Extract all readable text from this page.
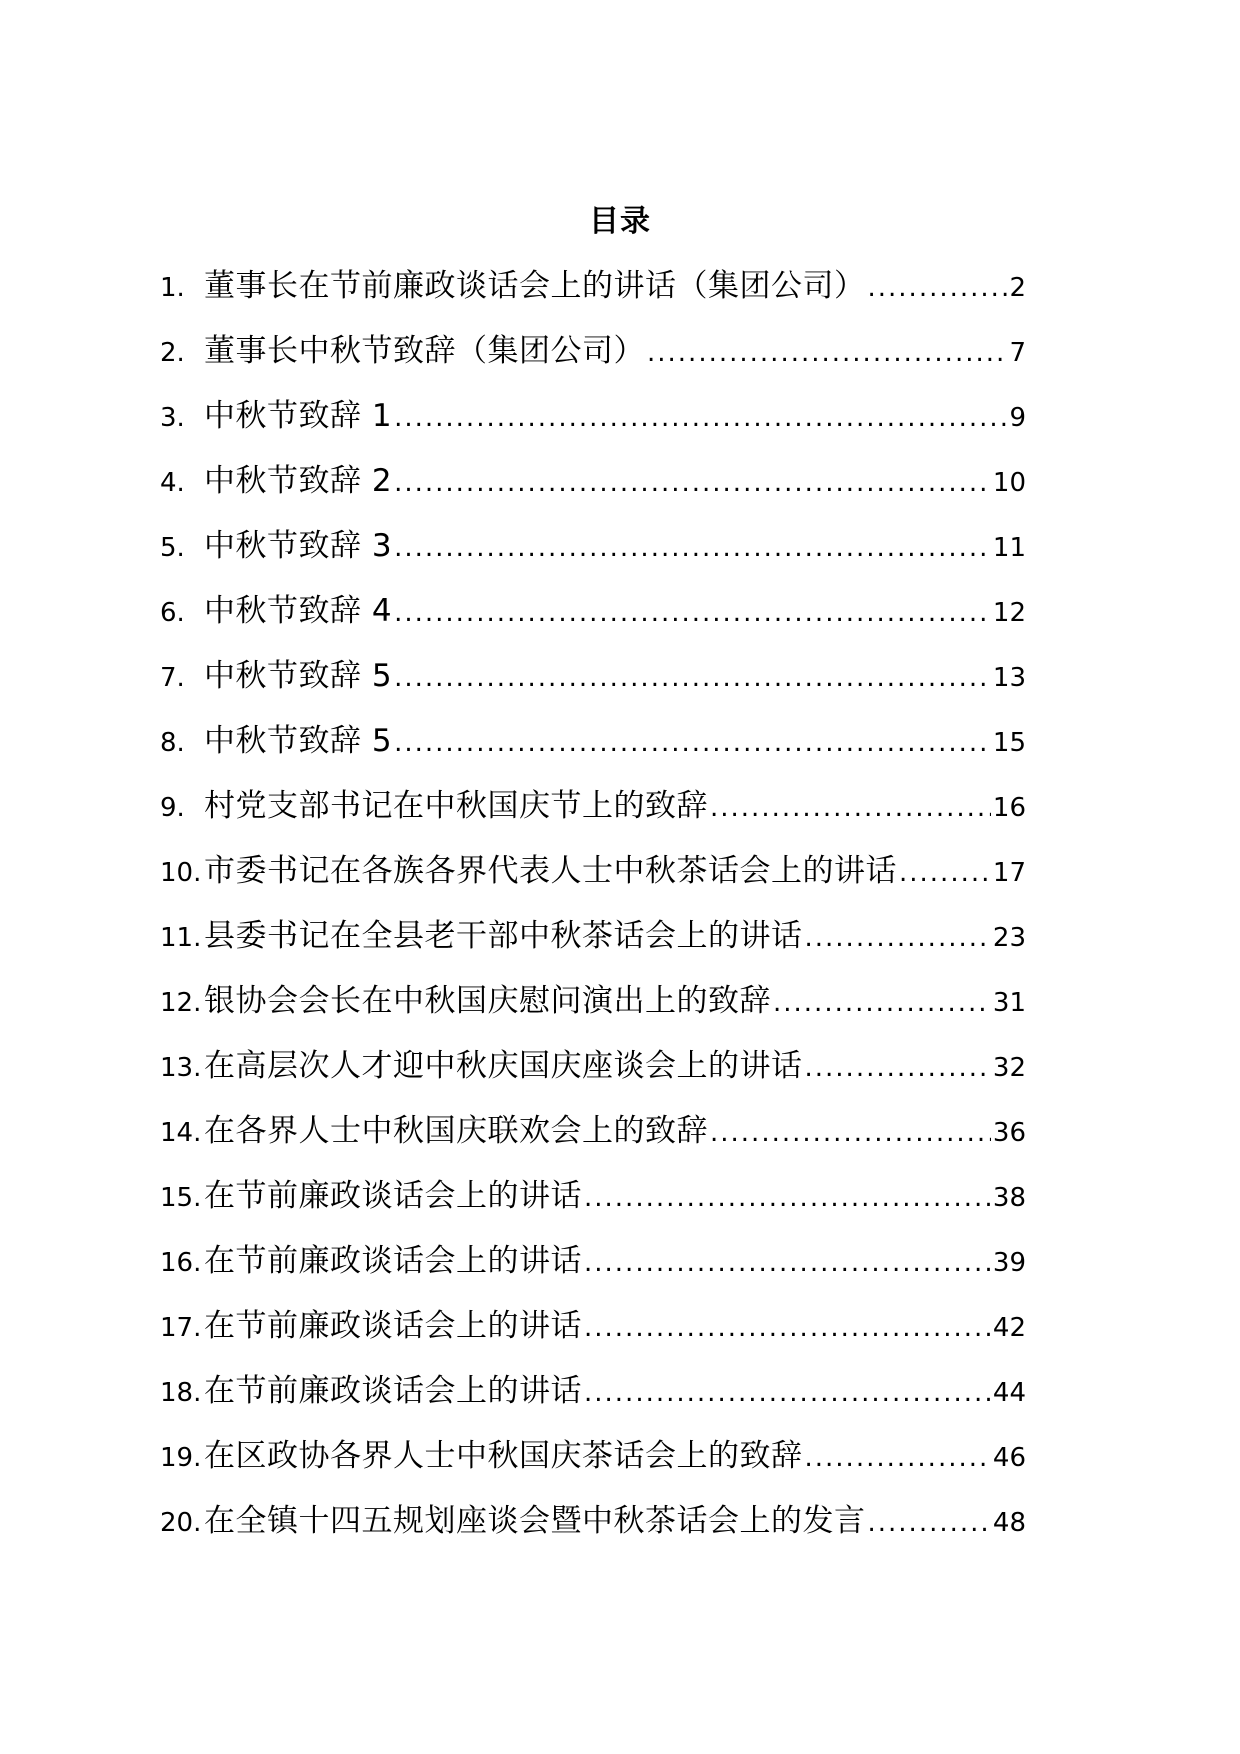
目录
1. 董事长在节前廉政谈话会上的讲话（集团公司） .....	2
2. 董事长中秋节致辞（集团公司） .....	7
3. 中秋节致辞 1 .....	9
4. 中秋节致辞 2 .....	10
5. 中秋节致辞 3 .....	11
6. 中秋节致辞 4 .....	12
7. 中秋节致辞 5 .....	13
8. 中秋节致辞 5 .....	15
9. 村党支部书记在中秋国庆节上的致辞 .....	16
10. 市委书记在各族各界代表人士中秋茶话会上的讲话 .....	17
11. 县委书记在全县老干部中秋茶话会上的讲话 .....	23
12. 银协会会长在中秋国庆慰问演出上的致辞 .....	31
13. 在高层次人才迎中秋庆国庆座谈会上的讲话 .....	32
14. 在各界人士中秋国庆联欢会上的致辞 .....	36
15. 在节前廉政谈话会上的讲话 .....	38
16. 在节前廉政谈话会上的讲话 .....	39
17. 在节前廉政谈话会上的讲话 .....	42
18. 在节前廉政谈话会上的讲话 .....	44
19. 在区政协各界人士中秋国庆茶话会上的致辞 .....	46
20. 在全镇十四五规划座谈会暨中秋茶话会上的发言 .....	48
